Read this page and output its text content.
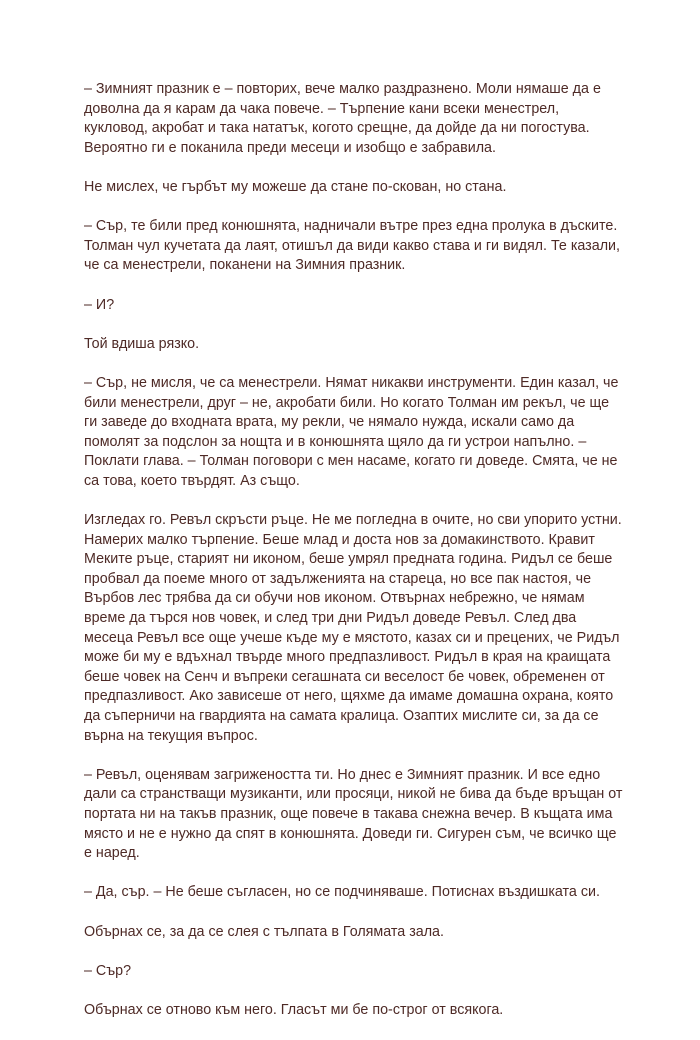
– Зимният празник е – повторих, вече малко раздразнено. Моли нямаше да е доволна да я карам да чака повече. – Търпение кани всеки менестрел, кукловод, акробат и така нататък, когото срещне, да дойде да ни погостува. Вероятно ги е поканила преди месеци и изобщо е забравила.

Не мислех, че гърбът му можеше да стане по-скован, но стана.

– Сър, те били пред конюшнята, надничали вътре през една пролука в дъските. Толман чул кучетата да лаят, отишъл да види какво става и ги видял. Те казали, че са менестрели, поканени на Зимния празник.

– И?

Той вдиша рязко.

– Сър, не мисля, че са менестрели. Нямат никакви инструменти. Един казал, че били менестрели, друг – не, акробати били. Но когато Толман им рекъл, че ще ги заведе до входната врата, му рекли, че нямало нужда, искали само да помолят за подслон за нощта и в конюшнята щяло да ги устрои напълно. – Поклати глава. – Толман поговори с мен насаме, когато ги доведе. Смята, че не са това, което твърдят. Аз също.

Изгледах го. Ревъл скръсти ръце. Не ме погледна в очите, но сви упорито устни. Намерих малко търпение. Беше млад и доста нов за домакинството. Кравит Меките ръце, старият ни иконом, беше умрял предната година. Ридъл се беше пробвал да поеме много от задълженията на стареца, но все пак настоя, че Върбов лес трябва да си обучи нов иконом. Отвърнах небрежно, че нямам време да търся нов човек, и след три дни Ридъл доведе Ревъл. След два месеца Ревъл все още учеше къде му е мястото, казах си и прецених, че Ридъл може би му е вдъхнал твърде много предпазливост. Ридъл в края на краищата беше човек на Сенч и въпреки сегашната си веселост бе човек, обременен от предпазливост. Ако зависеше от него, щяхме да имаме домашна охрана, която да съперничи на гвардията на самата кралица. Озаптих мислите си, за да се върна на текущия въпрос.

– Ревъл, оценявам загрижеността ти. Но днес е Зимният празник. И все едно дали са странстващи музиканти, или просяци, никой не бива да бъде връщан от портата ни на такъв празник, още повече в такава снежна вечер. В къщата има място и не е нужно да спят в конюшнята. Доведи ги. Сигурен съм, че всичко ще е наред.

– Да, сър. – Не беше съгласен, но се подчиняваше. Потиснах въздишката си.

Обърнах се, за да се слея с тълпата в Голямата зала.

– Сър?

Обърнах се отново към него. Гласът ми бе по-строг от всякога.
